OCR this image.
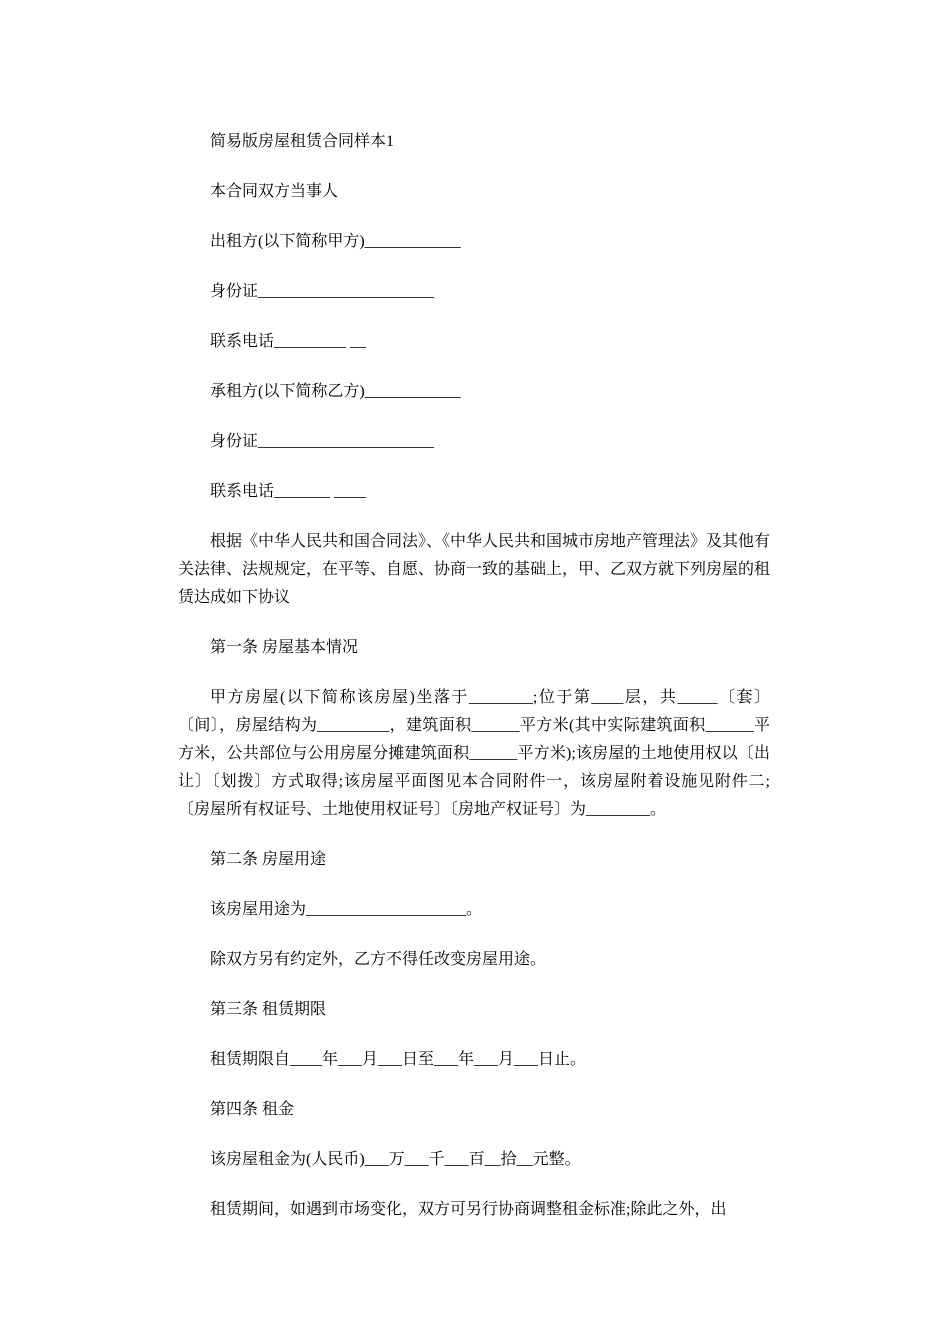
简易版房屋租赁合同样本1

本合同双方当事人

出租方(以下简称甲方)____________

身份证______________________

联系电话_________ __

承租方(以下简称乙方)____________

身份证______________________

联系电话_______ ____

根据《中华人民共和国合同法》、《中华人民共和国城市房地产管理法》及其他有关法律、法规规定，在平等、自愿、协商一致的基础上，甲、乙双方就下列房屋的租赁达成如下协议

第一条 房屋基本情况

甲方房屋(以下简称该房屋)坐落于________;位于第____层，共_____〔套〕〔间〕，房屋结构为_________，建筑面积______平方米(其中实际建筑面积______平方米，公共部位与公用房屋分摊建筑面积______平方米);该房屋的土地使用权以〔出让〕〔划拨〕方式取得;该房屋平面图见本合同附件一，该房屋附着设施见附件二;〔房屋所有权证号、土地使用权证号〕〔房地产权证号〕为________。

第二条 房屋用途

该房屋用途为____________________。

除双方另有约定外，乙方不得任改变房屋用途。

第三条 租赁期限

租赁期限自____年___月___日至___年___月___日止。

第四条 租金

该房屋租金为(人民币)___万___千___百__拾__元整。

租赁期间，如遇到市场变化，双方可另行协商调整租金标准;除此之外，出
